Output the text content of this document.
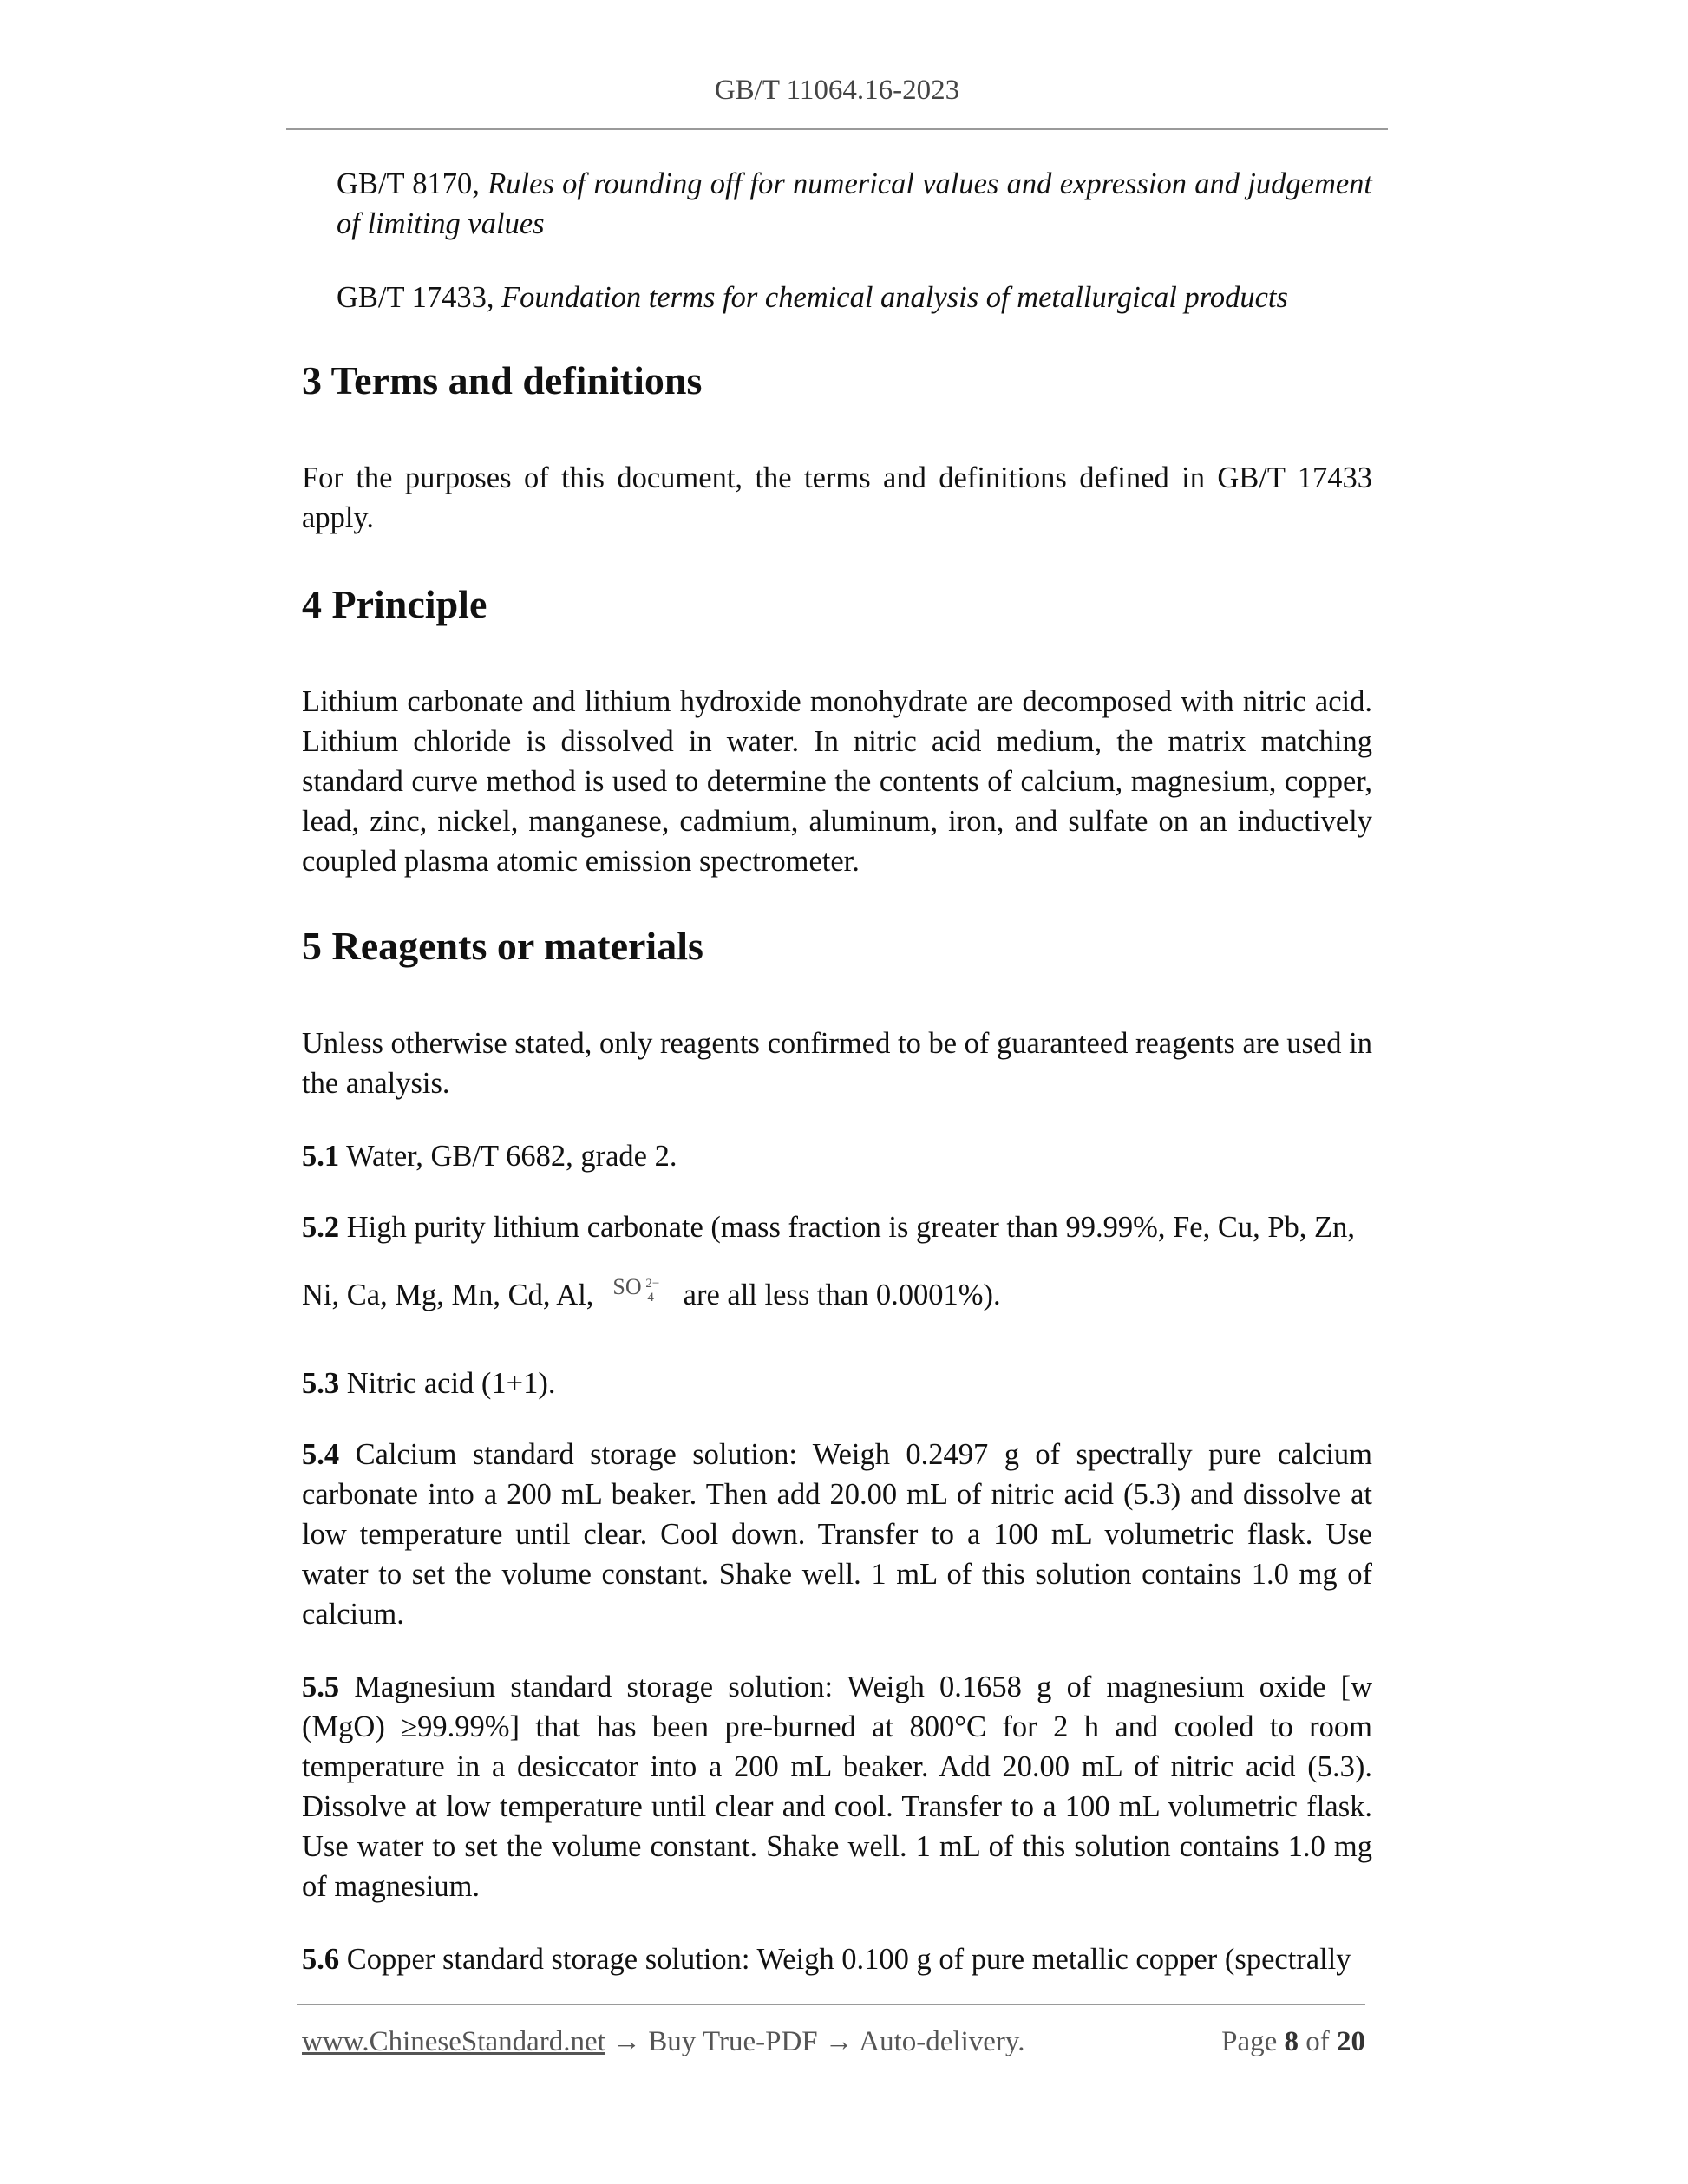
GB/T 11064.16-2023

GB/T 8170, Rules of rounding off for numerical values and expression and judgement of limiting values

GB/T 17433, Foundation terms for chemical analysis of metallurgical products

3 Terms and definitions

For the purposes of this document, the terms and definitions defined in GB/T 17433 apply.

4 Principle

Lithium carbonate and lithium hydroxide monohydrate are decomposed with nitric acid. Lithium chloride is dissolved in water. In nitric acid medium, the matrix matching standard curve method is used to determine the contents of calcium, magnesium, copper, lead, zinc, nickel, manganese, cadmium, aluminum, iron, and sulfate on an inductively coupled plasma atomic emission spectrometer.

5 Reagents or materials

Unless otherwise stated, only reagents confirmed to be of guaranteed reagents are used in the analysis.

5.1 Water, GB/T 6682, grade 2.

5.2 High purity lithium carbonate (mass fraction is greater than 99.99%, Fe, Cu, Pb, Zn,

Ni, Ca, Mg, Mn, Cd, Al, SO 2−
4 are all less than 0.0001%).

5.3 Nitric acid (1+1).

5.4 Calcium standard storage solution: Weigh 0.2497 g of spectrally pure calcium carbonate into a 200 mL beaker. Then add 20.00 mL of nitric acid (5.3) and dissolve at low temperature until clear. Cool down. Transfer to a 100 mL volumetric flask. Use water to set the volume constant. Shake well. 1 mL of this solution contains 1.0 mg of calcium.

5.5 Magnesium standard storage solution: Weigh 0.1658 g of magnesium oxide [w (MgO) ≥99.99%] that has been pre-burned at 800°C for 2 h and cooled to room temperature in a desiccator into a 200 mL beaker. Add 20.00 mL of nitric acid (5.3). Dissolve at low temperature until clear and cool. Transfer to a 100 mL volumetric flask. Use water to set the volume constant. Shake well. 1 mL of this solution contains 1.0 mg of magnesium.

5.6 Copper standard storage solution: Weigh 0.100 g of pure metallic copper (spectrally

www.ChineseStandard.net → Buy True-PDF → Auto-delivery.	Page 8 of 20
